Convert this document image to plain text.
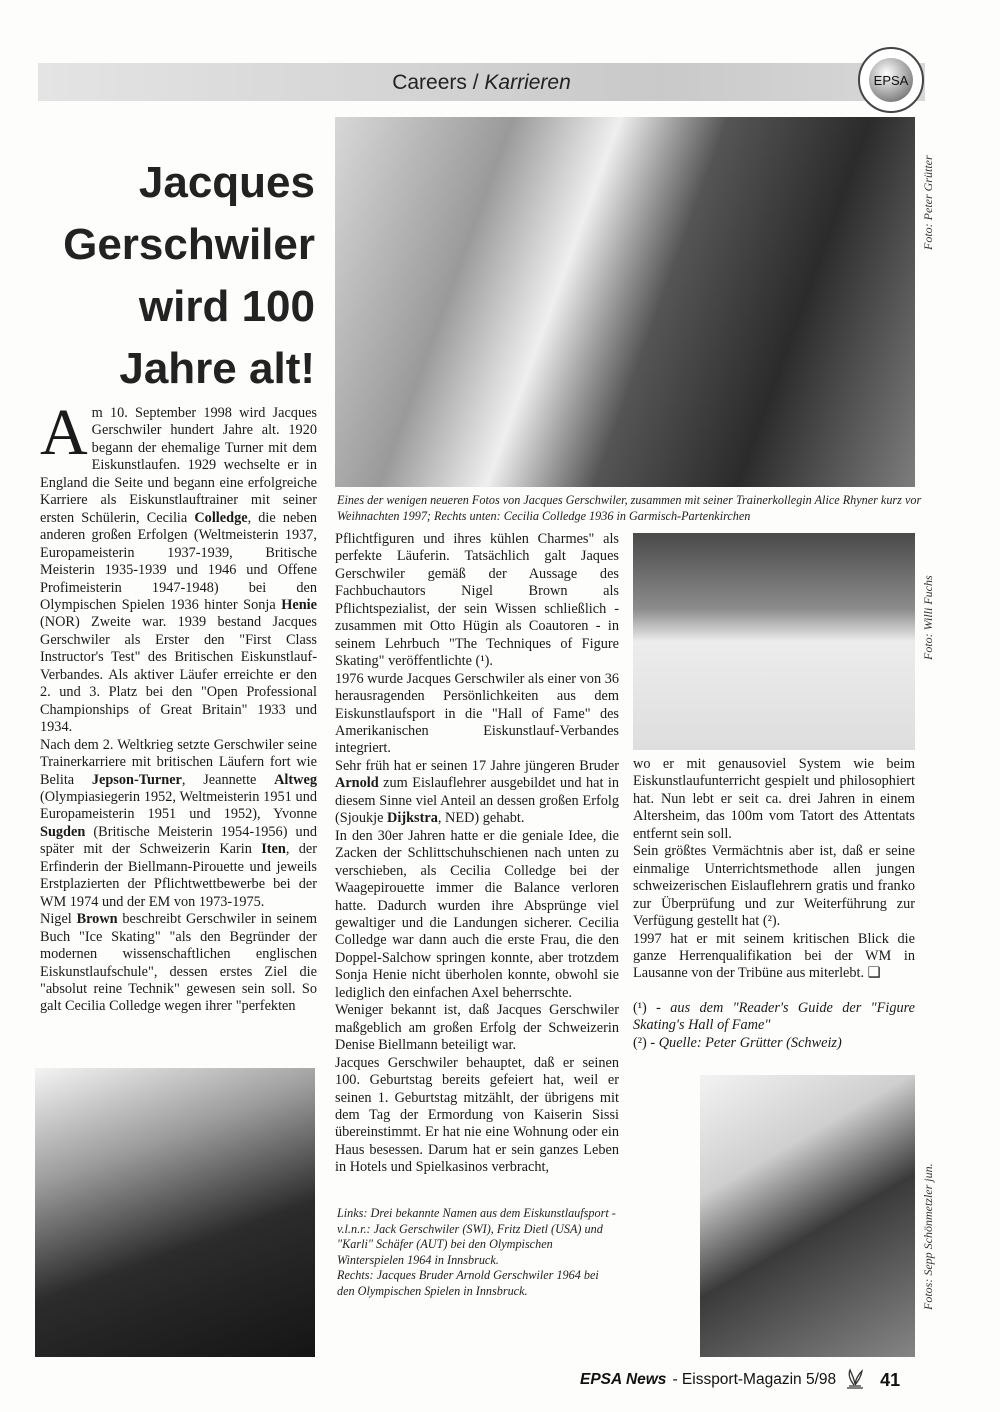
Careers / Karrieren	EPSA
Jacques
Gerschwiler
wird 100
Jahre alt!
Foto: Peter Grütter
Eines der wenigen neueren Fotos von Jacques Gerschwiler, zusammen mit seiner Trainerkollegin Alice Rhyner kurz vor Weihnachten 1997; Rechts unten: Cecilia Colledge 1936 in Garmisch-Partenkirchen
A m 10. September 1998 wird Jacques Gerschwiler hundert Jahre alt. 1920 begann der ehemalige Turner mit dem Eiskunstlaufen. 1929 wechselte er in England die Seite und begann eine erfolgreiche Karriere als Eiskunstlauftrainer mit seiner ersten Schülerin, Cecilia Colledge, die neben anderen großen Erfolgen (Weltmeisterin 1937, Europameisterin 1937-1939, Britische Meisterin 1935-1939 und 1946 und Offene Profimeisterin 1947-1948) bei den Olympischen Spielen 1936 hinter Sonja Henie (NOR) Zweite war. 1939 bestand Jacques Gerschwiler als Erster den "First Class Instructor's Test" des Britischen Eiskunstlauf-Verbandes. Als aktiver Läufer erreichte er den 2. und 3. Platz bei den "Open Professional Championships of Great Britain" 1933 und 1934.

Nach dem 2. Weltkrieg setzte Gerschwiler seine Trainerkarriere mit britischen Läufern fort wie Belita Jepson-Turner, Jeannette Altweg (Olympiasiegerin 1952, Weltmeisterin 1951 und Europameisterin 1951 und 1952), Yvonne Sugden (Britische Meisterin 1954-1956) und später mit der Schweizerin Karin Iten, der Erfinderin der Biellmann-Pirouette und jeweils Erstplazierten der Pflichtwettbewerbe bei der WM 1974 und der EM von 1973-1975.

Nigel Brown beschreibt Gerschwiler in seinem Buch "Ice Skating" "als den Begründer der modernen wissenschaftlichen englischen Eiskunstlaufschule", dessen erstes Ziel die "absolut reine Technik" gewesen sein soll. So galt Cecilia Colledge wegen ihrer "perfekten

Pflichtfiguren und ihres kühlen Charmes" als perfekte Läuferin. Tatsächlich galt Jaques Gerschwiler gemäß der Aussage des Fachbuchautors Nigel Brown als Pflichtspezialist, der sein Wissen schließlich - zusammen mit Otto Hügin als Coautoren - in seinem Lehrbuch "The Techniques of Figure Skating" veröffentlichte (¹).

1976 wurde Jacques Gerschwiler als einer von 36 herausragenden Persönlichkeiten aus dem Eiskunstlaufsport in die "Hall of Fame" des Amerikanischen Eiskunstlauf-Verbandes integriert.

Sehr früh hat er seinen 17 Jahre jüngeren Bruder Arnold zum Eislauflehrer ausgebildet und hat in diesem Sinne viel Anteil an dessen großen Erfolg (Sjoukje Dijkstra, NED) gehabt.

In den 30er Jahren hatte er die geniale Idee, die Zacken der Schlittschuhschienen nach unten zu verschieben, als Cecilia Colledge bei der Waagepirouette immer die Balance verloren hatte. Dadurch wurden ihre Absprünge viel gewaltiger und die Landungen sicherer. Cecilia Colledge war dann auch die erste Frau, die den Doppel-Salchow springen konnte, aber trotzdem Sonja Henie nicht überholen konnte, obwohl sie lediglich den einfachen Axel beherrschte.

Weniger bekannt ist, daß Jacques Gerschwiler maßgeblich am großen Erfolg der Schweizerin Denise Biellmann beteiligt war.

Jacques Gerschwiler behauptet, daß er seinen 100. Geburtstag bereits gefeiert hat, weil er seinen 1. Geburtstag mitzählt, der übrigens mit dem Tag der Ermordung von Kaiserin Sissi übereinstimmt. Er hat nie eine Wohnung oder ein Haus besessen. Darum hat er sein ganzes Leben in Hotels und Spielkasinos verbracht,

Foto: Willi Fuchs

wo er mit genausoviel System wie beim Eiskunstlaufunterricht gespielt und philosophiert hat. Nun lebt er seit ca. drei Jahren in einem Altersheim, das 100m vom Tatort des Attentats entfernt sein soll.

Sein größtes Vermächtnis aber ist, daß er seine einmalige Unterrichtsmethode allen jungen schweizerischen Eislauflehrern gratis und franko zur Überprüfung und zur Weiterführung zur Verfügung gestellt hat (²).

1997 hat er mit seinem kritischen Blick die ganze Herrenqualifikation bei der WM in Lausanne von der Tribüne aus miterlebt. ❑

(¹) - aus dem "Reader's Guide der "Figure Skating's Hall of Fame"
(²) - Quelle: Peter Grütter (Schweiz)
Links: Drei bekannte Namen aus dem Eiskunstlaufsport - v.l.n.r.: Jack Gerschwiler (SWI), Fritz Dietl (USA) und "Karli" Schäfer (AUT) bei den Olympischen Winterspielen 1964 in Innsbruck.
Rechts: Jacques Bruder Arnold Gerschwiler 1964 bei den Olympischen Spielen in Innsbruck.	Fotos: Sepp Schönmetzler jun.
EPSA News - Eissport-Magazin 5/98 41
